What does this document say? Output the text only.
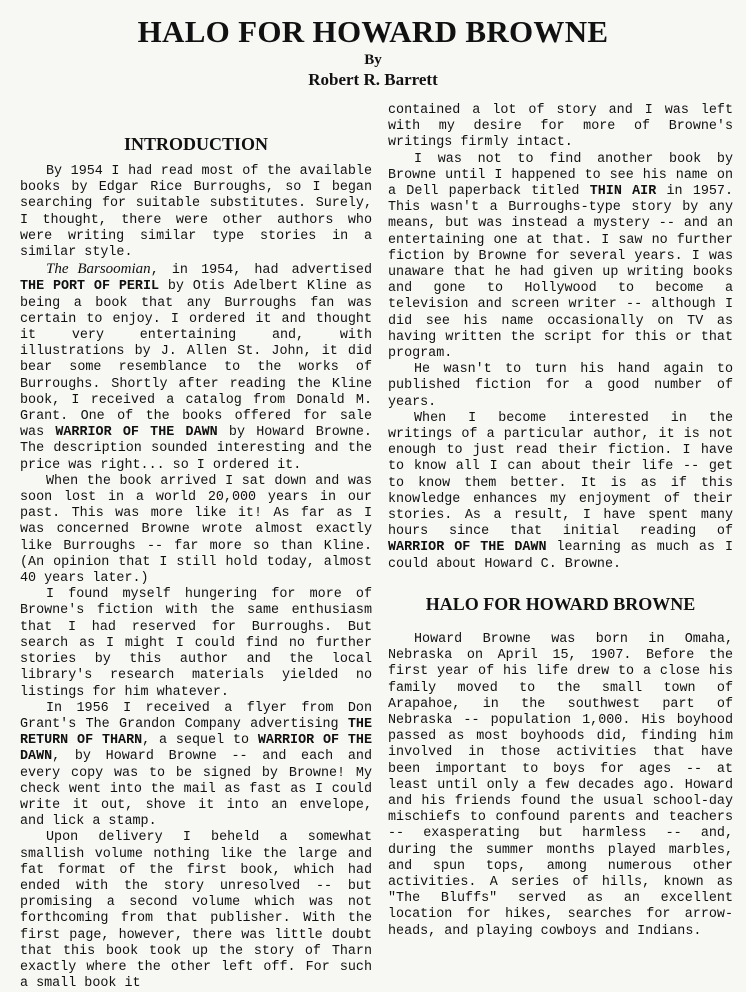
HALO FOR HOWARD BROWNE
By
Robert R. Barrett
INTRODUCTION

By 1954 I had read most of the available books by Edgar Rice Burroughs, so I began searching for suitable substitutes. Surely, I thought, there were other authors who were writing similar type stories in a similar style.

The Barsoomian, in 1954, had advertised THE PORT OF PERIL by Otis Adelbert Kline as being a book that any Burroughs fan was certain to enjoy. I ordered it and thought it very entertaining and, with illustrations by J. Allen St. John, it did bear some resemblance to the works of Burroughs. Shortly after reading the Kline book, I received a catalog from Donald M. Grant. One of the books offered for sale was WARRIOR OF THE DAWN by Howard Browne. The description sounded interesting and the price was right... so I ordered it.

When the book arrived I sat down and was soon lost in a world 20,000 years in our past. This was more like it! As far as I was concerned Browne wrote almost exactly like Burroughs -- far more so than Kline. (An opinion that I still hold today, almost 40 years later.)

I found myself hungering for more of Browne's fiction with the same enthusiasm that I had reserved for Burroughs. But search as I might I could find no further stories by this author and the local library's research materials yielded no listings for him whatever.

In 1956 I received a flyer from Don Grant's The Grandon Company advertising THE RETURN OF THARN, a sequel to WARRIOR OF THE DAWN, by Howard Browne -- and each and every copy was to be signed by Browne! My check went into the mail as fast as I could write it out, shove it into an envelope, and lick a stamp.

Upon delivery I beheld a somewhat smallish volume nothing like the large and fat format of the first book, which had ended with the story unresolved -- but promising a second volume which was not forthcoming from that publisher. With the first page, however, there was little doubt that this book took up the story of Tharn exactly where the other left off. For such a small book it

contained a lot of story and I was left with my desire for more of Browne's writings firmly intact.

I was not to find another book by Browne until I happened to see his name on a Dell paperback titled THIN AIR in 1957. This wasn't a Burroughs-type story by any means, but was instead a mystery -- and an entertaining one at that. I saw no further fiction by Browne for several years. I was unaware that he had given up writing books and gone to Hollywood to become a television and screen writer -- although I did see his name occasionally on TV as having written the script for this or that program.

He wasn't to turn his hand again to published fiction for a good number of years.

When I become interested in the writings of a particular author, it is not enough to just read their fiction. I have to know all I can about their life -- get to know them better. It is as if this knowledge enhances my enjoyment of their stories. As a result, I have spent many hours since that initial reading of WARRIOR OF THE DAWN learning as much as I could about Howard C. Browne.

HALO FOR HOWARD BROWNE

Howard Browne was born in Omaha, Nebraska on April 15, 1907. Before the first year of his life drew to a close his family moved to the small town of Arapahoe, in the southwest part of Nebraska -- population 1,000. His boyhood passed as most boyhoods did, finding him involved in those activities that have been important to boys for ages -- at least until only a few decades ago. Howard and his friends found the usual school-day mischiefs to confound parents and teachers -- exasperating but harmless -- and, during the summer months played marbles, and spun tops, among numerous other activities. A series of hills, known as "The Bluffs" served as an excellent location for hikes, searches for arrow-heads, and playing cowboys and Indians.
